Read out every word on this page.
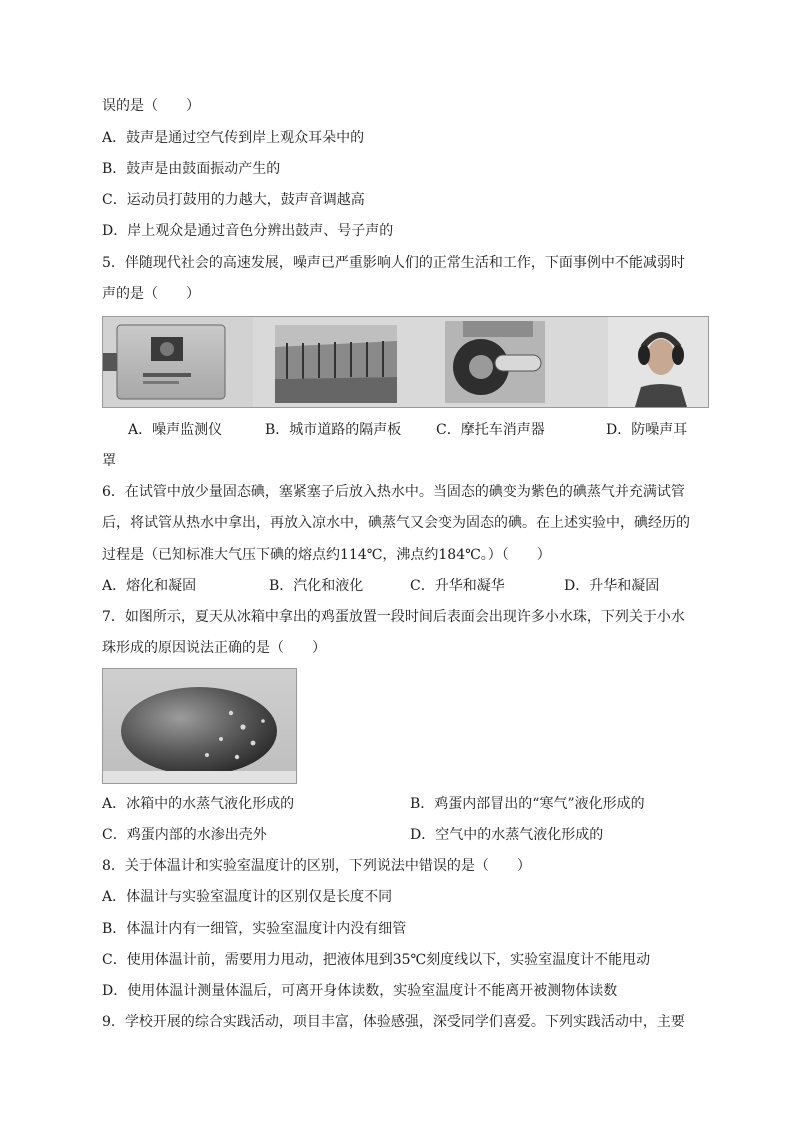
误的是（　　）
A．鼓声是通过空气传到岸上观众耳朵中的
B．鼓声是由鼓面振动产生的
C．运动员打鼓用的力越大，鼓声音调越高
D．岸上观众是通过音色分辨出鼓声、号子声的
5．伴随现代社会的高速发展，噪声已严重影响人们的正常生活和工作，下面事例中不能减弱时
声的是（　　）
A．噪声监测仪	B．城市道路的隔声板 C．摩托车消声器	D．防噪声耳
罩
6．在试管中放少量固态碘，塞紧塞子后放入热水中。当固态的碘变为紫色的碘蒸气并充满试管
后，将试管从热水中拿出，再放入凉水中，碘蒸气又会变为固态的碘。在上述实验中，碘经历的
过程是（已知标准大气压下碘的熔点约114℃，沸点约184℃。）（　　）
A．熔化和凝固	B．汽化和液化	C．升华和凝华	D．升华和凝固
7．如图所示，夏天从冰箱中拿出的鸡蛋放置一段时间后表面会出现许多小水珠，下列关于小水
珠形成的原因说法正确的是（　　）
A．冰箱中的水蒸气液化形成的	B．鸡蛋内部冒出的“寒气”液化形成的
C．鸡蛋内部的水渗出壳外	D．空气中的水蒸气液化形成的
8．关于体温计和实验室温度计的区别，下列说法中错误的是（　　）
A．体温计与实验室温度计的区别仅是长度不同
B．体温计内有一细管，实验室温度计内没有细管
C．使用体温计前，需要用力甩动，把液体甩到35℃刻度线以下，实验室温度计不能甩动
D．使用体温计测量体温后，可离开身体读数，实验室温度计不能离开被测物体读数
9．学校开展的综合实践活动，项目丰富，体验感强，深受同学们喜爱。下列实践活动中，主要
